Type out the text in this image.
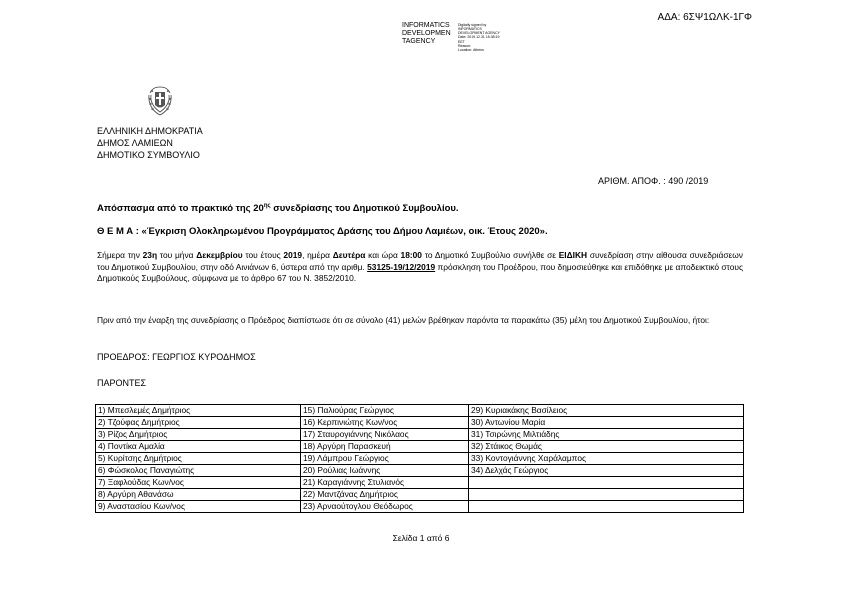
ΑΔΑ: 6ΣΨ1ΩΛΚ-1ΓΦ
INFORMATICS
DEVELOPMEN
TAGENCY
Digitally signed by
INFORMATICS
DEVELOPMENT AGENCY
Date: 2019.12.31 15:38:19
EET
Reason:
Location: Athens
ΕΛΛΗΝΙΚΗ ΔΗΜΟΚΡΑΤΙΑ
ΔΗΜΟΣ ΛΑΜΙΕΩΝ
ΔΗΜΟΤΙΚΟ ΣΥΜΒΟΥΛΙΟ
ΑΡΙΘΜ. ΑΠΟΦ. : 490 /2019
Απόσπασμα από το πρακτικό της $20^{\eta\varsigma}$ συνεδρίασης του Δημοτικού Συμβουλίου.
Θ Ε Μ Α : «Έγκριση Ολοκληρωμένου Προγράμματος Δράσης του Δήμου Λαμιέων, οικ. Έτους 2020».
Σήμερα την 23η του μήνα Δεκεμβρίου του έτους 2019, ημέρα Δευτέρα και ώρα 18:00 το Δημοτικό Συμβούλιο συνήλθε σε ΕΙΔΙΚΗ συνεδρίαση στην αίθουσα συνεδριάσεων του Δημοτικού Συμβουλίου, στην οδό Αινιάνων 6, ύστερα από την αριθμ. 53125-19/12/2019 πρόσκληση του Προέδρου, που δημοσιεύθηκε και επιδόθηκε με αποδεικτικό στους Δημοτικούς Συμβούλους, σύμφωνα με το άρθρο 67 του Ν. 3852/2010.
Πριν από την έναρξη της συνεδρίασης ο Πρόεδρος διαπίστωσε ότι σε σύνολο (41) μελών βρέθηκαν παρόντα τα παρακάτω (35) μέλη του Δημοτικού Συμβουλίου, ήτοι:
ΠΡΟΕΔΡΟΣ: ΓΕΩΡΓΙΟΣ ΚΥΡΟΔΗΜΟΣ
ΠΑΡΟΝΤΕΣ
1) Μπεσλεμές Δημήτριος	15) Παλιούρας Γεώργιος	29) Κυριακάκης Βασίλειος
2) Τζούφας Δημήτριος	16) Κερπινιώτης Κων/νος	30) Αντωνίου Μαρία
3) Ρίζος Δημήτριος	17) Σταυρογιάννης Νικόλαος	31) Τσιρώνης Μιλτιάδης
4) Ποντίκα Αμαλία	18) Αργύρη Παρασκευή	32) Στάικος Θωμάς
5) Κυρίτσης Δημήτριος	19) Λάμπρου Γεώργιος	33) Κοντογιάννης Χαράλαμπος
6) Φώσκολος Παναγιώτης	20) Ρούλιας Ιωάννης	34) Δελχάς Γεώργιος
7) Ξαφλούδας Κων/νος	21) Καραγιάννης Στυλιανός	
8) Αργύρη Αθανάσω	22) Μαντζάνας Δημήτριος	
9) Αναστασίου Κων/νος	23) Αρναούτογλου Θεόδωρος	
Σελίδα 1 από 6
